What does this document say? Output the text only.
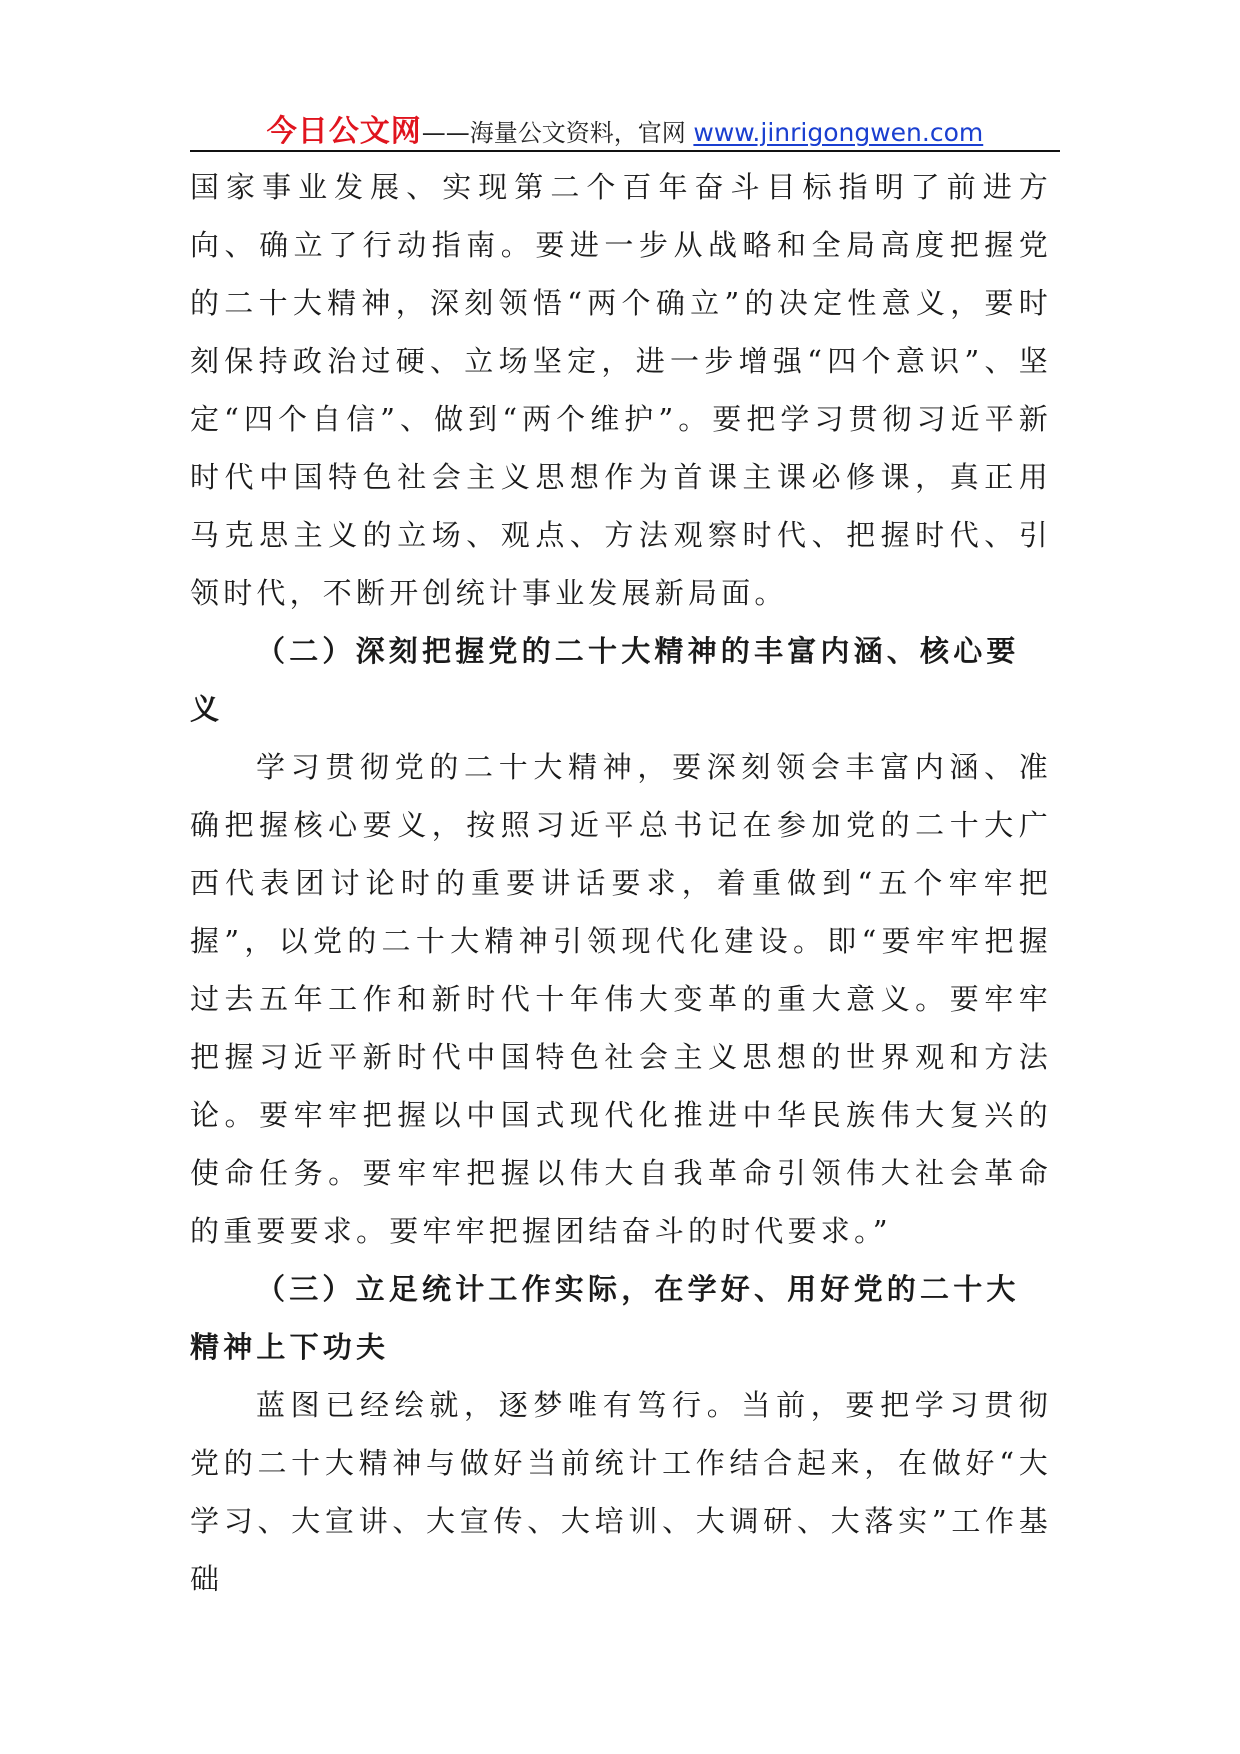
今日公文网——海量公文资料，官网 www.jinrigongwen.com

国家事业发展、实现第二个百年奋斗目标指明了前进方向、确立了行动指南。要进一步从战略和全局高度把握党的二十大精神，深刻领悟“两个确立”的决定性意义，要时刻保持政治过硬、立场坚定，进一步增强“四个意识”、坚定“四个自信”、做到“两个维护”。要把学习贯彻习近平新时代中国特色社会主义思想作为首课主课必修课，真正用马克思主义的立场、观点、方法观察时代、把握时代、引领时代，不断开创统计事业发展新局面。

（二）深刻把握党的二十大精神的丰富内涵、核心要义

学习贯彻党的二十大精神，要深刻领会丰富内涵、准确把握核心要义，按照习近平总书记在参加党的二十大广西代表团讨论时的重要讲话要求，着重做到“五个牢牢把握”，以党的二十大精神引领现代化建设。即“要牢牢把握过去五年工作和新时代十年伟大变革的重大意义。要牢牢把握习近平新时代中国特色社会主义思想的世界观和方法论。要牢牢把握以中国式现代化推进中华民族伟大复兴的使命任务。要牢牢把握以伟大自我革命引领伟大社会革命的重要要求。要牢牢把握团结奋斗的时代要求。”

（三）立足统计工作实际，在学好、用好党的二十大精神上下功夫

蓝图已经绘就，逐梦唯有笃行。当前，要把学习贯彻党的二十大精神与做好当前统计工作结合起来，在做好“大学习、大宣讲、大宣传、大培训、大调研、大落实”工作基础
